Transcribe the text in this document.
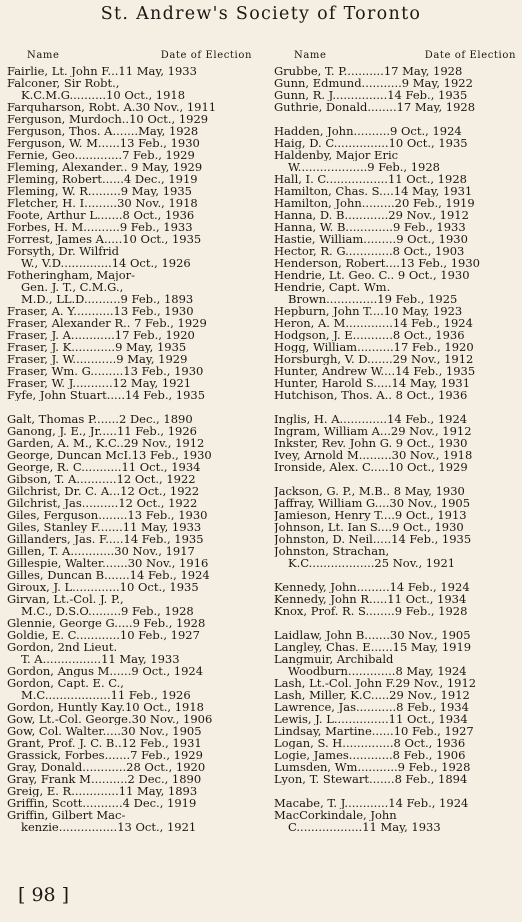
St. Andrew's Society of Toronto
Name	Date of Election
Fairlie, Lt. John F...11 May, 1933
Falconer, Sir Robt.,
K.C.M.G..........10 Oct., 1918
Farquharson, Robt. A.30 Nov., 1911
Ferguson, Murdoch..10 Oct., 1929
Ferguson, Thos. A.......May, 1928
Ferguson, W. M......13 Feb., 1930
Fernie, Geo.............7 Feb., 1929
Fleming, Alexander.. 9 May, 1929
Fleming, Robert......4 Dec., 1919
Fleming, W. R.........9 May, 1935
Fletcher, H. I.........30 Nov., 1918
Foote, Arthur L.......8 Oct., 1936
Forbes, H. M..........9 Feb., 1933
Forrest, James A.....10 Oct., 1935
Forsyth, Dr. Wilfrid
W., V.D..............14 Oct., 1926
Fotheringham, Major-
Gen. J. T., C.M.G.,
M.D., LL.D..........9 Feb., 1893
Fraser, A. Y...........13 Feb., 1930
Fraser, Alexander R.. 7 Feb., 1929
Fraser, J. A............17 Feb., 1920
Fraser, J. K............9 May, 1935
Fraser, J. W............9 May, 1929
Fraser, Wm. G.........13 Feb., 1930
Fraser, W. J...........12 May, 1921
Fyfe, John Stuart.....14 Feb., 1935
Galt, Thomas P.......2 Dec., 1890
Ganong, J. E., Jr.....11 Feb., 1926
Garden, A. M., K.C..29 Nov., 1912
George, Duncan McI.13 Feb., 1930
George, R. C...........11 Oct., 1934
Gibson, T. A...........12 Oct., 1922
Gilchrist, Dr. C. A...12 Oct., 1922
Gilchrist, Jas..........12 Oct., 1922
Giles, Ferguson........13 Feb., 1930
Giles, Stanley F.......11 May, 1933
Gillanders, Jas. F.....14 Feb., 1935
Gillen, T. A............30 Nov., 1917
Gillespie, Walter.......30 Nov., 1916
Gilles, Duncan B.......14 Feb., 1924
Giroux, J. L.............10 Oct., 1935
Girvan, Lt.-Col. J. P.,
M.C., D.S.O.........9 Feb., 1928
Glennie, George G.....9 Feb., 1928
Goldie, E. C............10 Feb., 1927
Gordon, 2nd Lieut.
T. A................11 May, 1933
Gordon, Angus M......9 Oct., 1924
Gordon, Capt. E. C.,
M.C..................11 Feb., 1926
Gordon, Huntly Kay.10 Oct., 1918
Gow, Lt.-Col. George.30 Nov., 1906
Gow, Col. Walter.....30 Nov., 1905
Grant, Prof. J. C. B..12 Feb., 1931
Grassick, Forbes.......7 Feb., 1929
Gray, Donald............28 Oct., 1920
Gray, Frank M..........2 Dec., 1890
Greig, E. R.............11 May, 1893
Griffin, Scott...........4 Dec., 1919
Griffin, Gilbert Mac-
kenzie................13 Oct., 1921
Name	Date of Election
Grubbe, T. P...........17 May, 1928
Gunn, Edmund...........9 May, 1922
Gunn, R. J...............14 Feb., 1935
Guthrie, Donald........17 May, 1928
Hadden, John..........9 Oct., 1924
Haig, D. C...............10 Oct., 1935
Haldenby, Major Eric
W...................9 Feb., 1928
Hall, I. C.................11 Oct., 1928
Hamilton, Chas. S....14 May, 1931
Hamilton, John.........20 Feb., 1919
Hanna, D. B............29 Nov., 1912
Hanna, W. B.............9 Feb., 1933
Hastie, William.........9 Oct., 1930
Hector, R. G.............8 Oct., 1903
Henderson, Robert....13 Feb., 1930
Hendrie, Lt. Geo. C.. 9 Oct., 1930
Hendrie, Capt. Wm.
Brown..............19 Feb., 1925
Hepburn, John T....10 May, 1923
Heron, A. M.............14 Feb., 1924
Hodgson, J. E...........8 Oct., 1936
Hogg, William..........17 Feb., 1920
Horsburgh, V. D.......29 Nov., 1912
Hunter, Andrew W....14 Feb., 1935
Hunter, Harold S.....14 May, 1931
Hutchison, Thos. A.. 8 Oct., 1936
Inglis, H. A.............14 Feb., 1924
Ingram, William A...29 Nov., 1912
Inkster, Rev. John G. 9 Oct., 1930
Ivey, Arnold M.........30 Nov., 1918
Ironside, Alex. C.....10 Oct., 1929
Jackson, G. P., M.B.. 8 May, 1930
Jaffray, William G....30 Nov., 1905
Jamieson, Henry T....9 Oct., 1913
Johnson, Lt. Ian S....9 Oct., 1930
Johnston, D. Neil.....14 Feb., 1935
Johnston, Strachan,
K.C..................25 Nov., 1921
Kennedy, John.........14 Feb., 1924
Kennedy, John R.....11 Oct., 1934
Knox, Prof. R. S........9 Feb., 1928
Laidlaw, John B.......30 Nov., 1905
Langley, Chas. E......15 May, 1919
Langmuir, Archibald
Woodburn.............8 May, 1924
Lash, Lt.-Col. John F.29 Nov., 1912
Lash, Miller, K.C.....29 Nov., 1912
Lawrence, Jas...........8 Feb., 1934
Lewis, J. L...............11 Oct., 1934
Lindsay, Martine......10 Feb., 1927
Logan, S. H..............8 Oct., 1936
Logie, James............8 Feb., 1906
Lumsden, Wm...........9 Feb., 1928
Lyon, T. Stewart.......8 Feb., 1894
Macabe, T. J............14 Feb., 1924
MacCorkindale, John
C..................11 May, 1933
[ 98 ]
